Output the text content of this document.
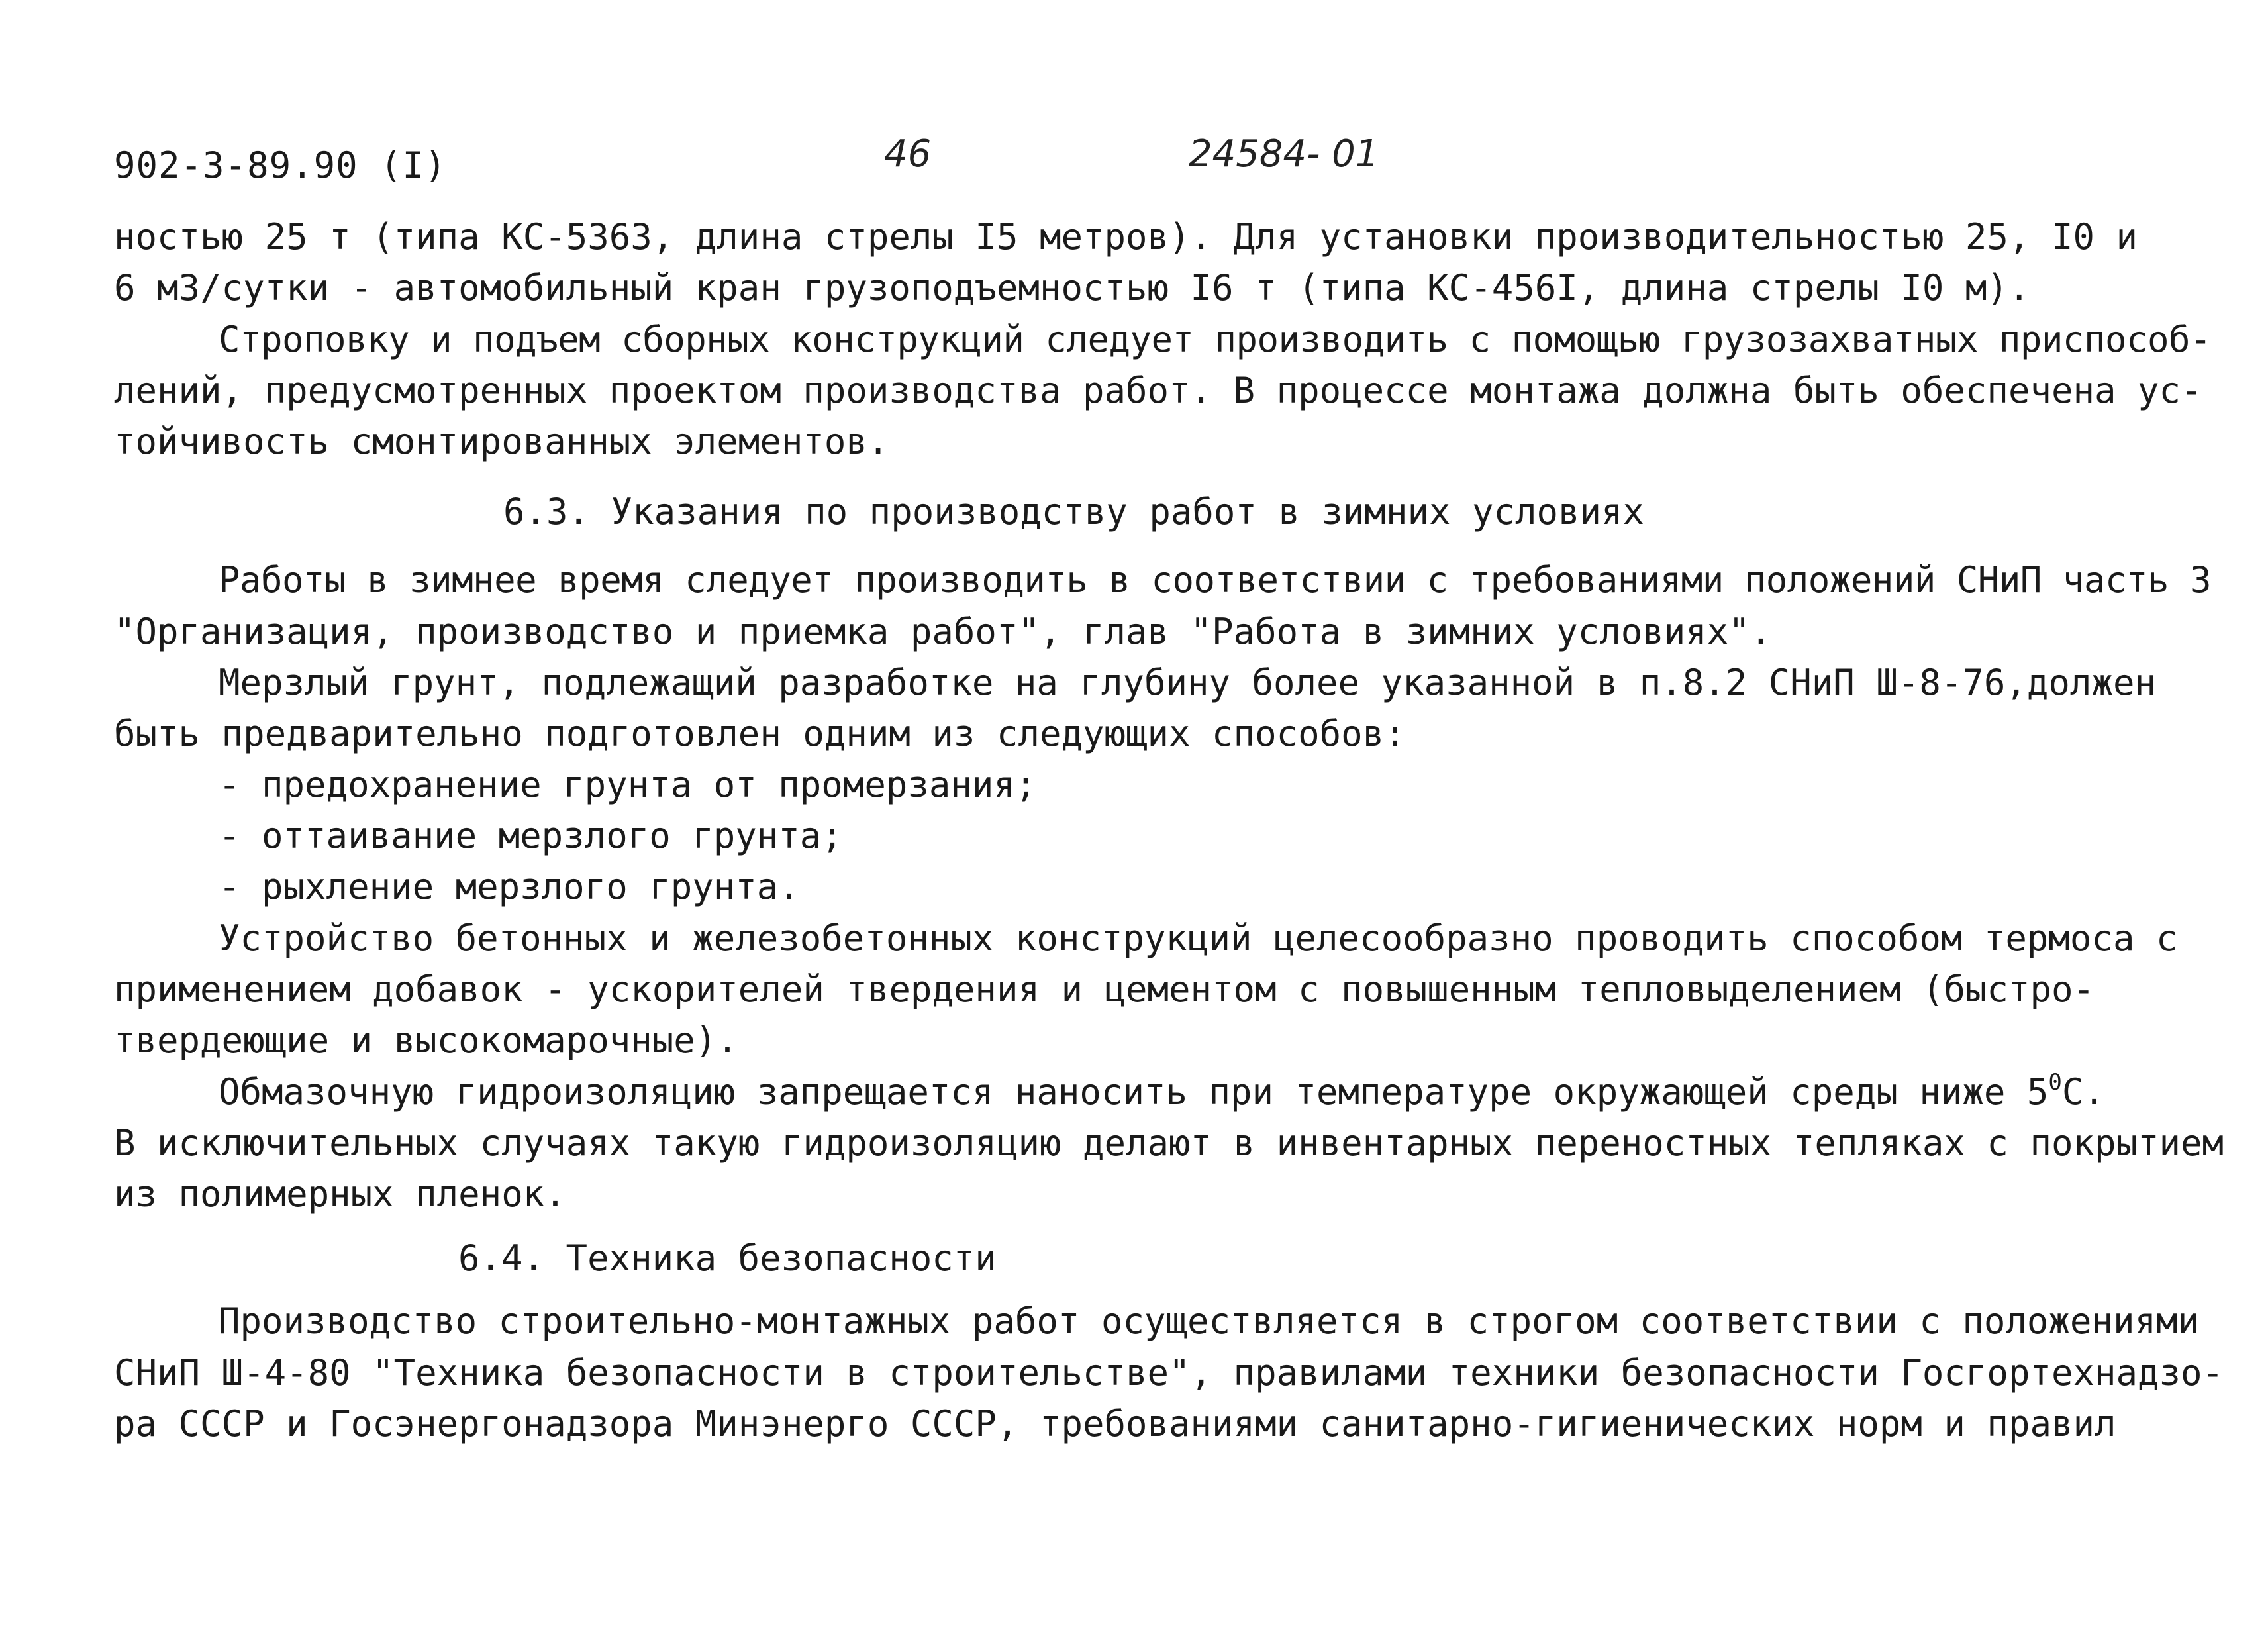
902-3-89.90 (I)	46	24584- 01
ностью 25 т (типа КС-5363, длина стрелы I5 метров). Для установки производительностью 25, I0 и
6 м3/сутки - автомобильный кран грузоподъемностью I6 т (типа КС-456I, длина стрелы I0 м).
Строповку и подъем сборных конструкций следует производить с помощью грузозахватных приспособ-
лений, предусмотренных проектом производства работ. В процессе монтажа должна быть обеспечена ус-
тойчивость смонтированных элементов.
6.3. Указания по производству работ в зимних условиях
Работы в зимнее время следует производить в соответствии с требованиями положений СНиП часть 3
"Организация, производство и приемка работ", глав "Работа в зимних условиях".
Мерзлый грунт, подлежащий разработке на глубину более указанной в п.8.2 СНиП Ш-8-76,должен
быть предварительно подготовлен одним из следующих способов:
- предохранение грунта от промерзания;
- оттаивание мерзлого грунта;
- рыхление мерзлого грунта.
Устройство бетонных и железобетонных конструкций целесообразно проводить способом термоса с
применением добавок - ускорителей твердения и цементом с повышенным тепловыделением (быстро-
твердеющие и высокомарочные).
Обмазочную гидроизоляцию запрещается наносить при температуре окружающей среды ниже $5^0С$.
В исключительных случаях такую гидроизоляцию делают в инвентарных переностных тепляках с покрытием
из полимерных пленок.
6.4. Техника безопасности
Производство строительно-монтажных работ осуществляется в строгом соответствии с положениями
СНиП Ш-4-80 "Техника безопасности в строительстве", правилами техники безопасности Госгортехнадзо-
ра СССР и Госэнергонадзора Минэнерго СССР, требованиями санитарно-гигиенических норм и правил
